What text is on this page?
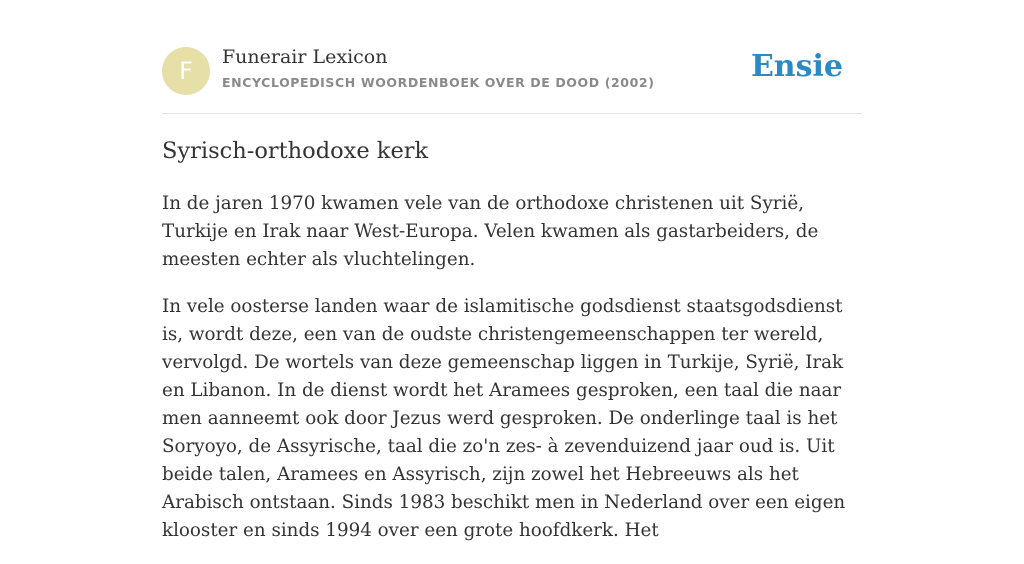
F	Funerair Lexicon
ENCYCLOPEDISCH WOORDENBOEK OVER DE DOOD (2002)	Ensie
Syrisch-orthodoxe kerk

In de jaren 1970 kwamen vele van de orthodoxe christenen uit Syrië, Turkije en Irak naar West-Europa. Velen kwamen als gastarbeiders, de meesten echter als vluchtelingen.

In vele oosterse landen waar de islamitische godsdienst staatsgodsdienst is, wordt deze, een van de oudste christengemeenschappen ter wereld, vervolgd. De wortels van deze gemeenschap liggen in Turkije, Syrië, Irak en Libanon. In de dienst wordt het Aramees gesproken, een taal die naar men aanneemt ook door Jezus werd gesproken. De onderlinge taal is het Soryoyo, de Assyrische, taal die zo'n zes- à zevenduizend jaar oud is. Uit beide talen, Aramees en Assyrisch, zijn zowel het Hebreeuws als het Arabisch ontstaan. Sinds 1983 beschikt men in Nederland over een eigen klooster en sinds 1994 over een grote hoofdkerk. Het
